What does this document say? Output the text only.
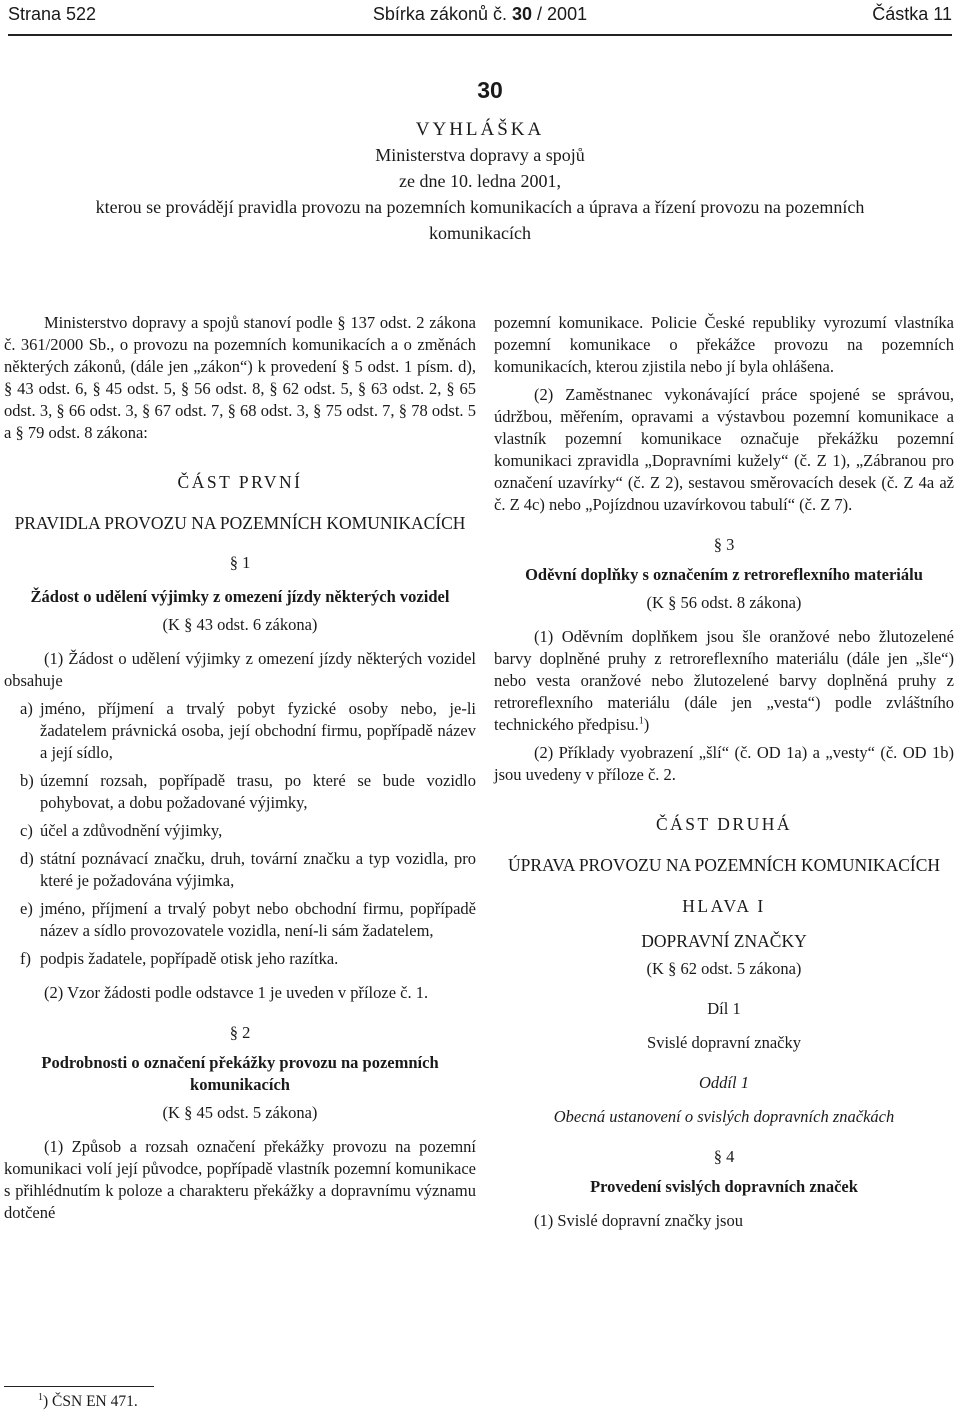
Strana 522	Sbírka zákonů č. 30 / 2001	Částka 11
30
VYHLÁŠKA
Ministerstva dopravy a spojů
ze dne 10. ledna 2001,
kterou se provádějí pravidla provozu na pozemních komunikacích a úprava a řízení provozu na pozemních komunikacích

Ministerstvo dopravy a spojů stanoví podle § 137 odst. 2 zákona č. 361/2000 Sb., o provozu na pozemních komunikacích a o změnách některých zákonů, (dále jen „zákon“) k provedení § 5 odst. 1 písm. d), § 43 odst. 6, § 45 odst. 5, § 56 odst. 8, § 62 odst. 5, § 63 odst. 2, § 65 odst. 3, § 66 odst. 3, § 67 odst. 7, § 68 odst. 3, § 75 odst. 7, § 78 odst. 5 a § 79 odst. 8 zákona:

ČÁST PRVNÍ

PRAVIDLA PROVOZU NA POZEMNÍCH KOMUNIKACÍCH

§ 1

Žádost o udělení výjimky z omezení jízdy některých vozidel

(K § 43 odst. 6 zákona)

(1) Žádost o udělení výjimky z omezení jízdy některých vozidel obsahuje

a) jméno, příjmení a trvalý pobyt fyzické osoby nebo, je-li žadatelem právnická osoba, její obchodní firmu, popřípadě název a její sídlo,
b) územní rozsah, popřípadě trasu, po které se bude vozidlo pohybovat, a dobu požadované výjimky,
c) účel a zdůvodnění výjimky,
d) státní poznávací značku, druh, tovární značku a typ vozidla, pro které je požadována výjimka,
e) jméno, příjmení a trvalý pobyt nebo obchodní firmu, popřípadě název a sídlo provozovatele vozidla, není-li sám žadatelem,
f) podpis žadatele, popřípadě otisk jeho razítka.

(2) Vzor žádosti podle odstavce 1 je uveden v příloze č. 1.

§ 2

Podrobnosti o označení překážky provozu na pozemních komunikacích

(K § 45 odst. 5 zákona)

(1) Způsob a rozsah označení překážky provozu na pozemní komunikaci volí její původce, popřípadě vlastník pozemní komunikace s přihlédnutím k poloze a charakteru překážky a dopravnímu významu dotčené

pozemní komunikace. Policie České republiky vyrozumí vlastníka pozemní komunikace o překážce provozu na pozemních komunikacích, kterou zjistila nebo jí byla ohlášena.

(2) Zaměstnanec vykonávající práce spojené se správou, údržbou, měřením, opravami a výstavbou pozemní komunikace a vlastník pozemní komunikace označuje překážku pozemní komunikaci zpravidla „Dopravními kužely“ (č. Z 1), „Zábranou pro označení uzavírky“ (č. Z 2), sestavou směrovacích desek (č. Z 4a až č. Z 4c) nebo „Pojízdnou uzavírkovou tabulí“ (č. Z 7).

§ 3

Oděvní doplňky s označením z retroreflexního materiálu

(K § 56 odst. 8 zákona)

(1) Oděvním doplňkem jsou šle oranžové nebo žlutozelené barvy doplněné pruhy z retroreflexního materiálu (dále jen „šle“) nebo vesta oranžové nebo žlutozelené barvy doplněná pruhy z retroreflexního materiálu (dále jen „vesta“) podle zvláštního technického předpisu.$^1$)

(2) Příklady vyobrazení „šlí“ (č. OD 1a) a „vesty“ (č. OD 1b) jsou uvedeny v příloze č. 2.

ČÁST DRUHÁ

ÚPRAVA PROVOZU NA POZEMNÍCH KOMUNIKACÍCH

HLAVA I

DOPRAVNÍ ZNAČKY

(K § 62 odst. 5 zákona)

Díl 1

Svislé dopravní značky

Oddíl 1

Obecná ustanovení o svislých dopravních značkách

§ 4

Provedení svislých dopravních značek

(1) Svislé dopravní značky jsou

$^1$) ČSN EN 471.
